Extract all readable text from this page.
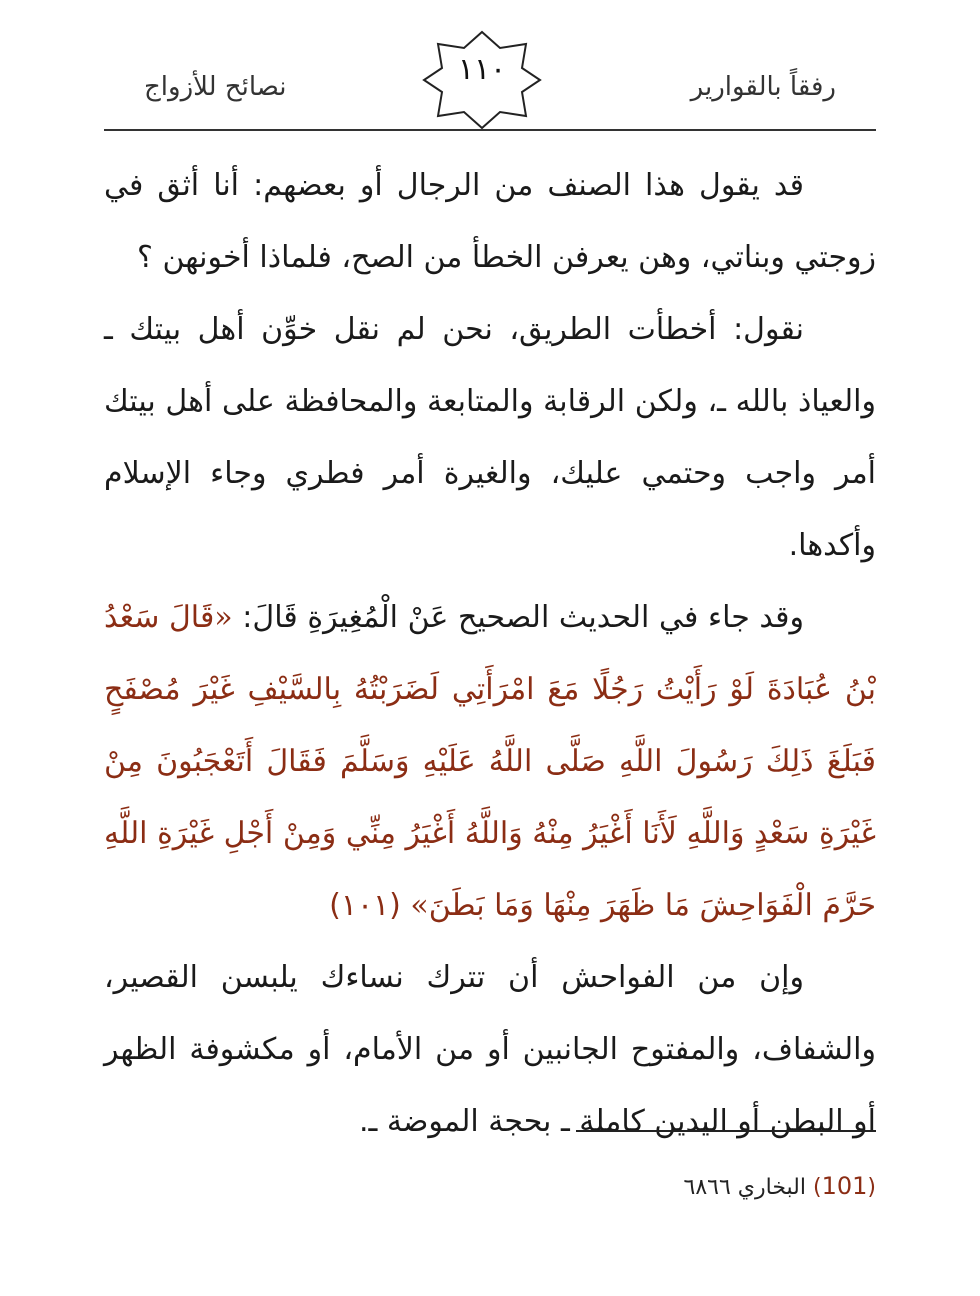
رفقاً بالقوارير
١١٠
نصائح للأزواج

قد يقول هذا الصنف من الرجال أو بعضهم: أنا أثق في زوجتي وبناتي، وهن يعرفن الخطأ من الصح، فلماذا أخونهن ؟

نقول: أخطأت الطريق، نحن لم نقل خوِّن أهل بيتك ـ والعياذ بالله ـ، ولكن الرقابة والمتابعة والمحافظة على أهل بيتك أمر واجب وحتمي عليك، والغيرة أمر فطري وجاء الإسلام وأكدها.

وقد جاء في الحديث الصحيح عَنْ الْمُغِيرَةِ قَالَ: «قَالَ سَعْدُ بْنُ عُبَادَةَ لَوْ رَأَيْتُ رَجُلًا مَعَ امْرَأَتِي لَضَرَبْتُهُ بِالسَّيْفِ غَيْرَ مُصْفَحٍ فَبَلَغَ ذَلِكَ رَسُولَ اللَّهِ صَلَّى اللَّهُ عَلَيْهِ وَسَلَّمَ فَقَالَ أَتَعْجَبُونَ مِنْ غَيْرَةِ سَعْدٍ وَاللَّهِ لَأَنَا أَغْيَرُ مِنْهُ وَاللَّهُ أَغْيَرُ مِنِّي وَمِنْ أَجْلِ غَيْرَةِ اللَّهِ حَرَّمَ الْفَوَاحِشَ مَا ظَهَرَ مِنْهَا وَمَا بَطَنَ» (١٠١)

وإن من الفواحش أن تترك نساءك يلبسن القصير، والشفاف، والمفتوح الجانبين أو من الأمام، أو مكشوفة الظهر أو البطن أو اليدين كاملة ـ بحجة الموضة ـ.

(101) البخاري ٦٨٦٦
